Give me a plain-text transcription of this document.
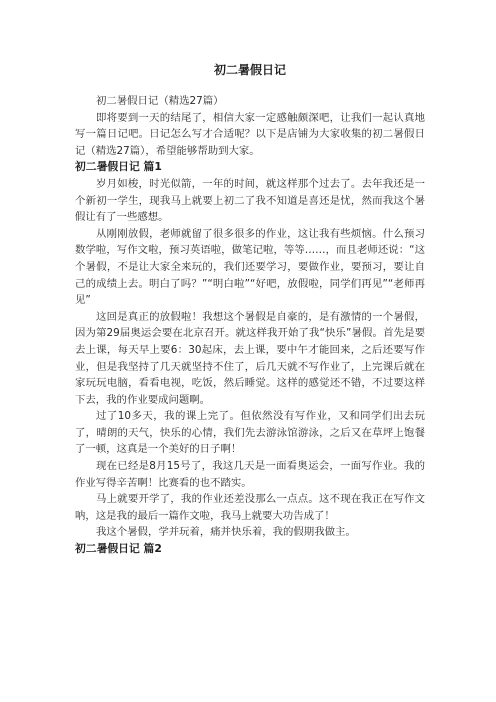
初二暑假日记

初二暑假日记（精选27篇）

即将要到一天的结尾了，相信大家一定感触颇深吧，让我们一起认真地写一篇日记吧。日记怎么写才合适呢？以下是店铺为大家收集的初二暑假日记（精选27篇），希望能够帮助到大家。

初二暑假日记 篇1

岁月如梭，时光似箭，一年的时间，就这样那个过去了。去年我还是一个新初一学生，现我马上就要上初二了我不知道是喜还是忧，然而我这个暑假让有了一些感想。

从刚刚放假，老师就留了很多很多的作业，这让我有些烦恼。什么预习数学啦，写作文啦，预习英语啦，做笔记啦，等等……，而且老师还说：“这个暑假，不是让大家全来玩的，我们还要学习，要做作业，要预习，要让自己的成绩上去。明白了吗？”“明白啦”“好吧，放假啦，同学们再见”“老师再见”

这回是真正的放假啦！我想这个暑假是自豪的，是有激情的一个暑假，因为第29届奥运会要在北京召开。就这样我开始了我“快乐”暑假。首先是要去上课，每天早上要6：30起床，去上课，要中午才能回来，之后还要写作业，但是我坚持了几天就坚持不住了，后几天就不写作业了，上完课后就在家玩玩电脑，看看电视，吃饭，然后睡觉。这样的感觉还不错，不过要这样下去，我的作业要成问题啊。

过了10多天，我的课上完了。但依然没有写作业，又和同学们出去玩了，晴朗的天气，快乐的心情，我们先去游泳馆游泳，之后又在草坪上饱餐了一顿，这真是一个美好的日子啊！

现在已经是8月15号了，我这几天是一面看奥运会，一面写作业。我的作业写得辛苦啊！比赛看的也不踏实。

马上就要开学了，我的作业还差没那么一点点。这不现在我正在写作文呐，这是我的最后一篇作文啦，我马上就要大功告成了！

我这个暑假，学并玩着，痛并快乐着，我的假期我做主。

初二暑假日记 篇2
